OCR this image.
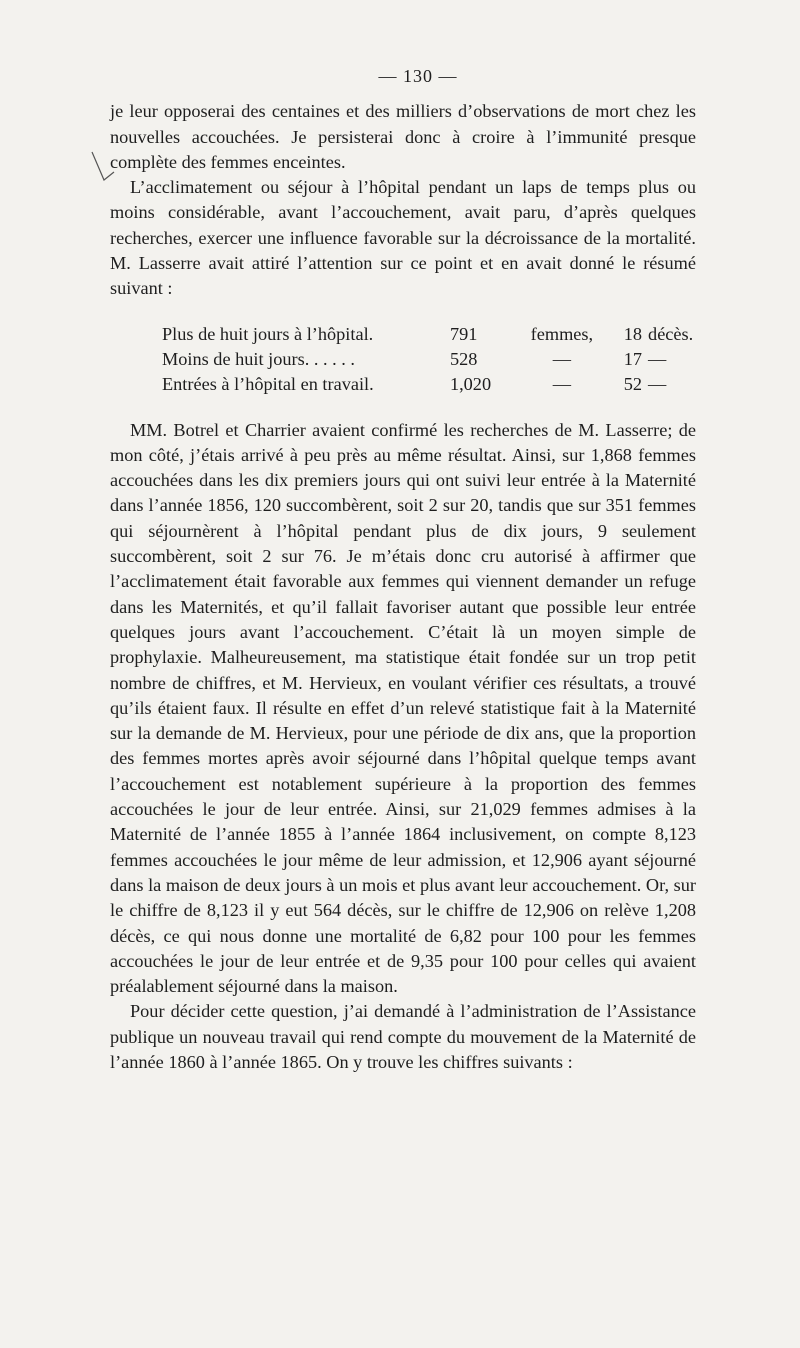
— 130 —

je leur opposerai des centaines et des milliers d’observations de mort chez les nouvelles accouchées. Je persisterai donc à croire à l’immunité presque complète des femmes enceintes.

L’acclimatement ou séjour à l’hôpital pendant un laps de temps plus ou moins considérable, avant l’accouchement, avait paru, d’après quelques recherches, exercer une influence favorable sur la décroissance de la mortalité. M. Lasserre avait attiré l’attention sur ce point et en avait donné le résumé suivant :

Plus de huit jours à l’hôpital.	791	femmes,	18	décès.
Moins de huit jours. . . . . .	528	—	17	—
Entrées à l’hôpital en travail.	1,020	—	52	—

MM. Botrel et Charrier avaient confirmé les recherches de M. Lasserre; de mon côté, j’étais arrivé à peu près au même résultat. Ainsi, sur 1,868 femmes accouchées dans les dix premiers jours qui ont suivi leur entrée à la Maternité dans l’année 1856, 120 succombèrent, soit 2 sur 20, tandis que sur 351 femmes qui séjournèrent à l’hôpital pendant plus de dix jours, 9 seulement succombèrent, soit 2 sur 76. Je m’étais donc cru autorisé à affirmer que l’acclimatement était favorable aux femmes qui viennent demander un refuge dans les Maternités, et qu’il fallait favoriser autant que possible leur entrée quelques jours avant l’accouchement. C’était là un moyen simple de prophylaxie. Malheureusement, ma statistique était fondée sur un trop petit nombre de chiffres, et M. Hervieux, en voulant vérifier ces résultats, a trouvé qu’ils étaient faux. Il résulte en effet d’un relevé statistique fait à la Maternité sur la demande de M. Hervieux, pour une période de dix ans, que la proportion des femmes mortes après avoir séjourné dans l’hôpital quelque temps avant l’accouchement est notablement supérieure à la proportion des femmes accouchées le jour de leur entrée. Ainsi, sur 21,029 femmes admises à la Maternité de l’année 1855 à l’année 1864 inclusivement, on compte 8,123 femmes accouchées le jour même de leur admission, et 12,906 ayant séjourné dans la maison de deux jours à un mois et plus avant leur accouchement. Or, sur le chiffre de 8,123 il y eut 564 décès, sur le chiffre de 12,906 on relève 1,208 décès, ce qui nous donne une mortalité de 6,82 pour 100 pour les femmes accouchées le jour de leur entrée et de 9,35 pour 100 pour celles qui avaient préalablement séjourné dans la maison.

Pour décider cette question, j’ai demandé à l’administration de l’Assistance publique un nouveau travail qui rend compte du mouvement de la Maternité de l’année 1860 à l’année 1865. On y trouve les chiffres suivants :
